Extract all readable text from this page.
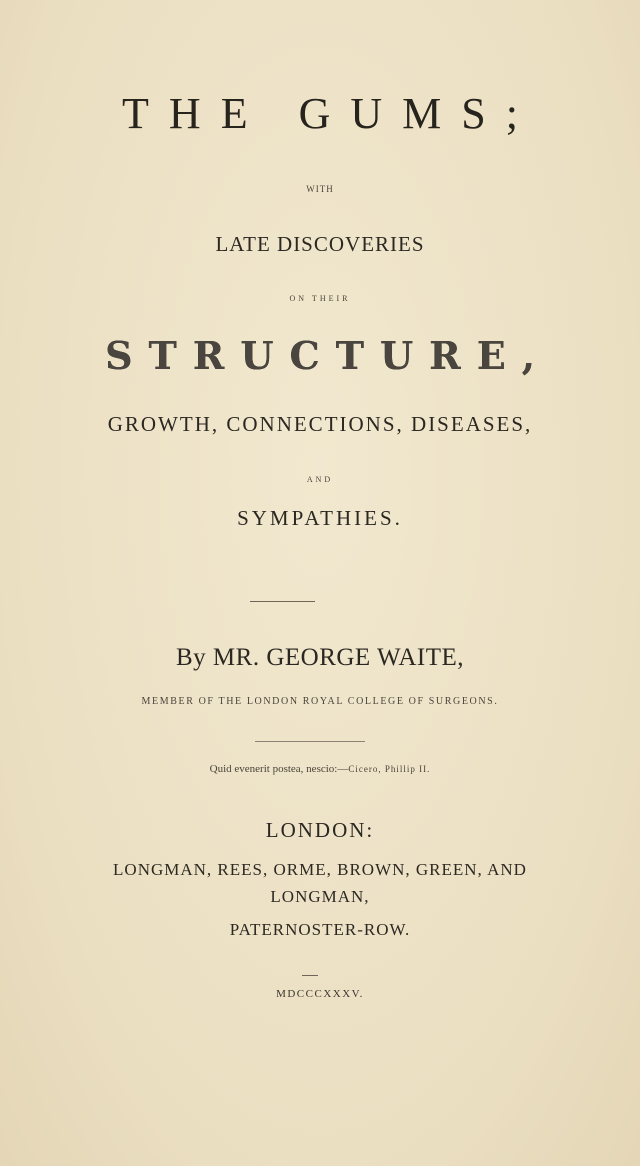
THE GUMS;
WITH
LATE DISCOVERIES
ON THEIR
STRUCTURE,
GROWTH, CONNECTIONS, DISEASES,
AND
SYMPATHIES.
By MR. GEORGE WAITE,
MEMBER OF THE LONDON ROYAL COLLEGE OF SURGEONS.
Quid evenerit postea, nescio:—Cicero, Phillip II.
LONDON:
LONGMAN, REES, ORME, BROWN, GREEN, AND
LONGMAN,
PATERNOSTER-ROW.
MDCCCXXXV.
